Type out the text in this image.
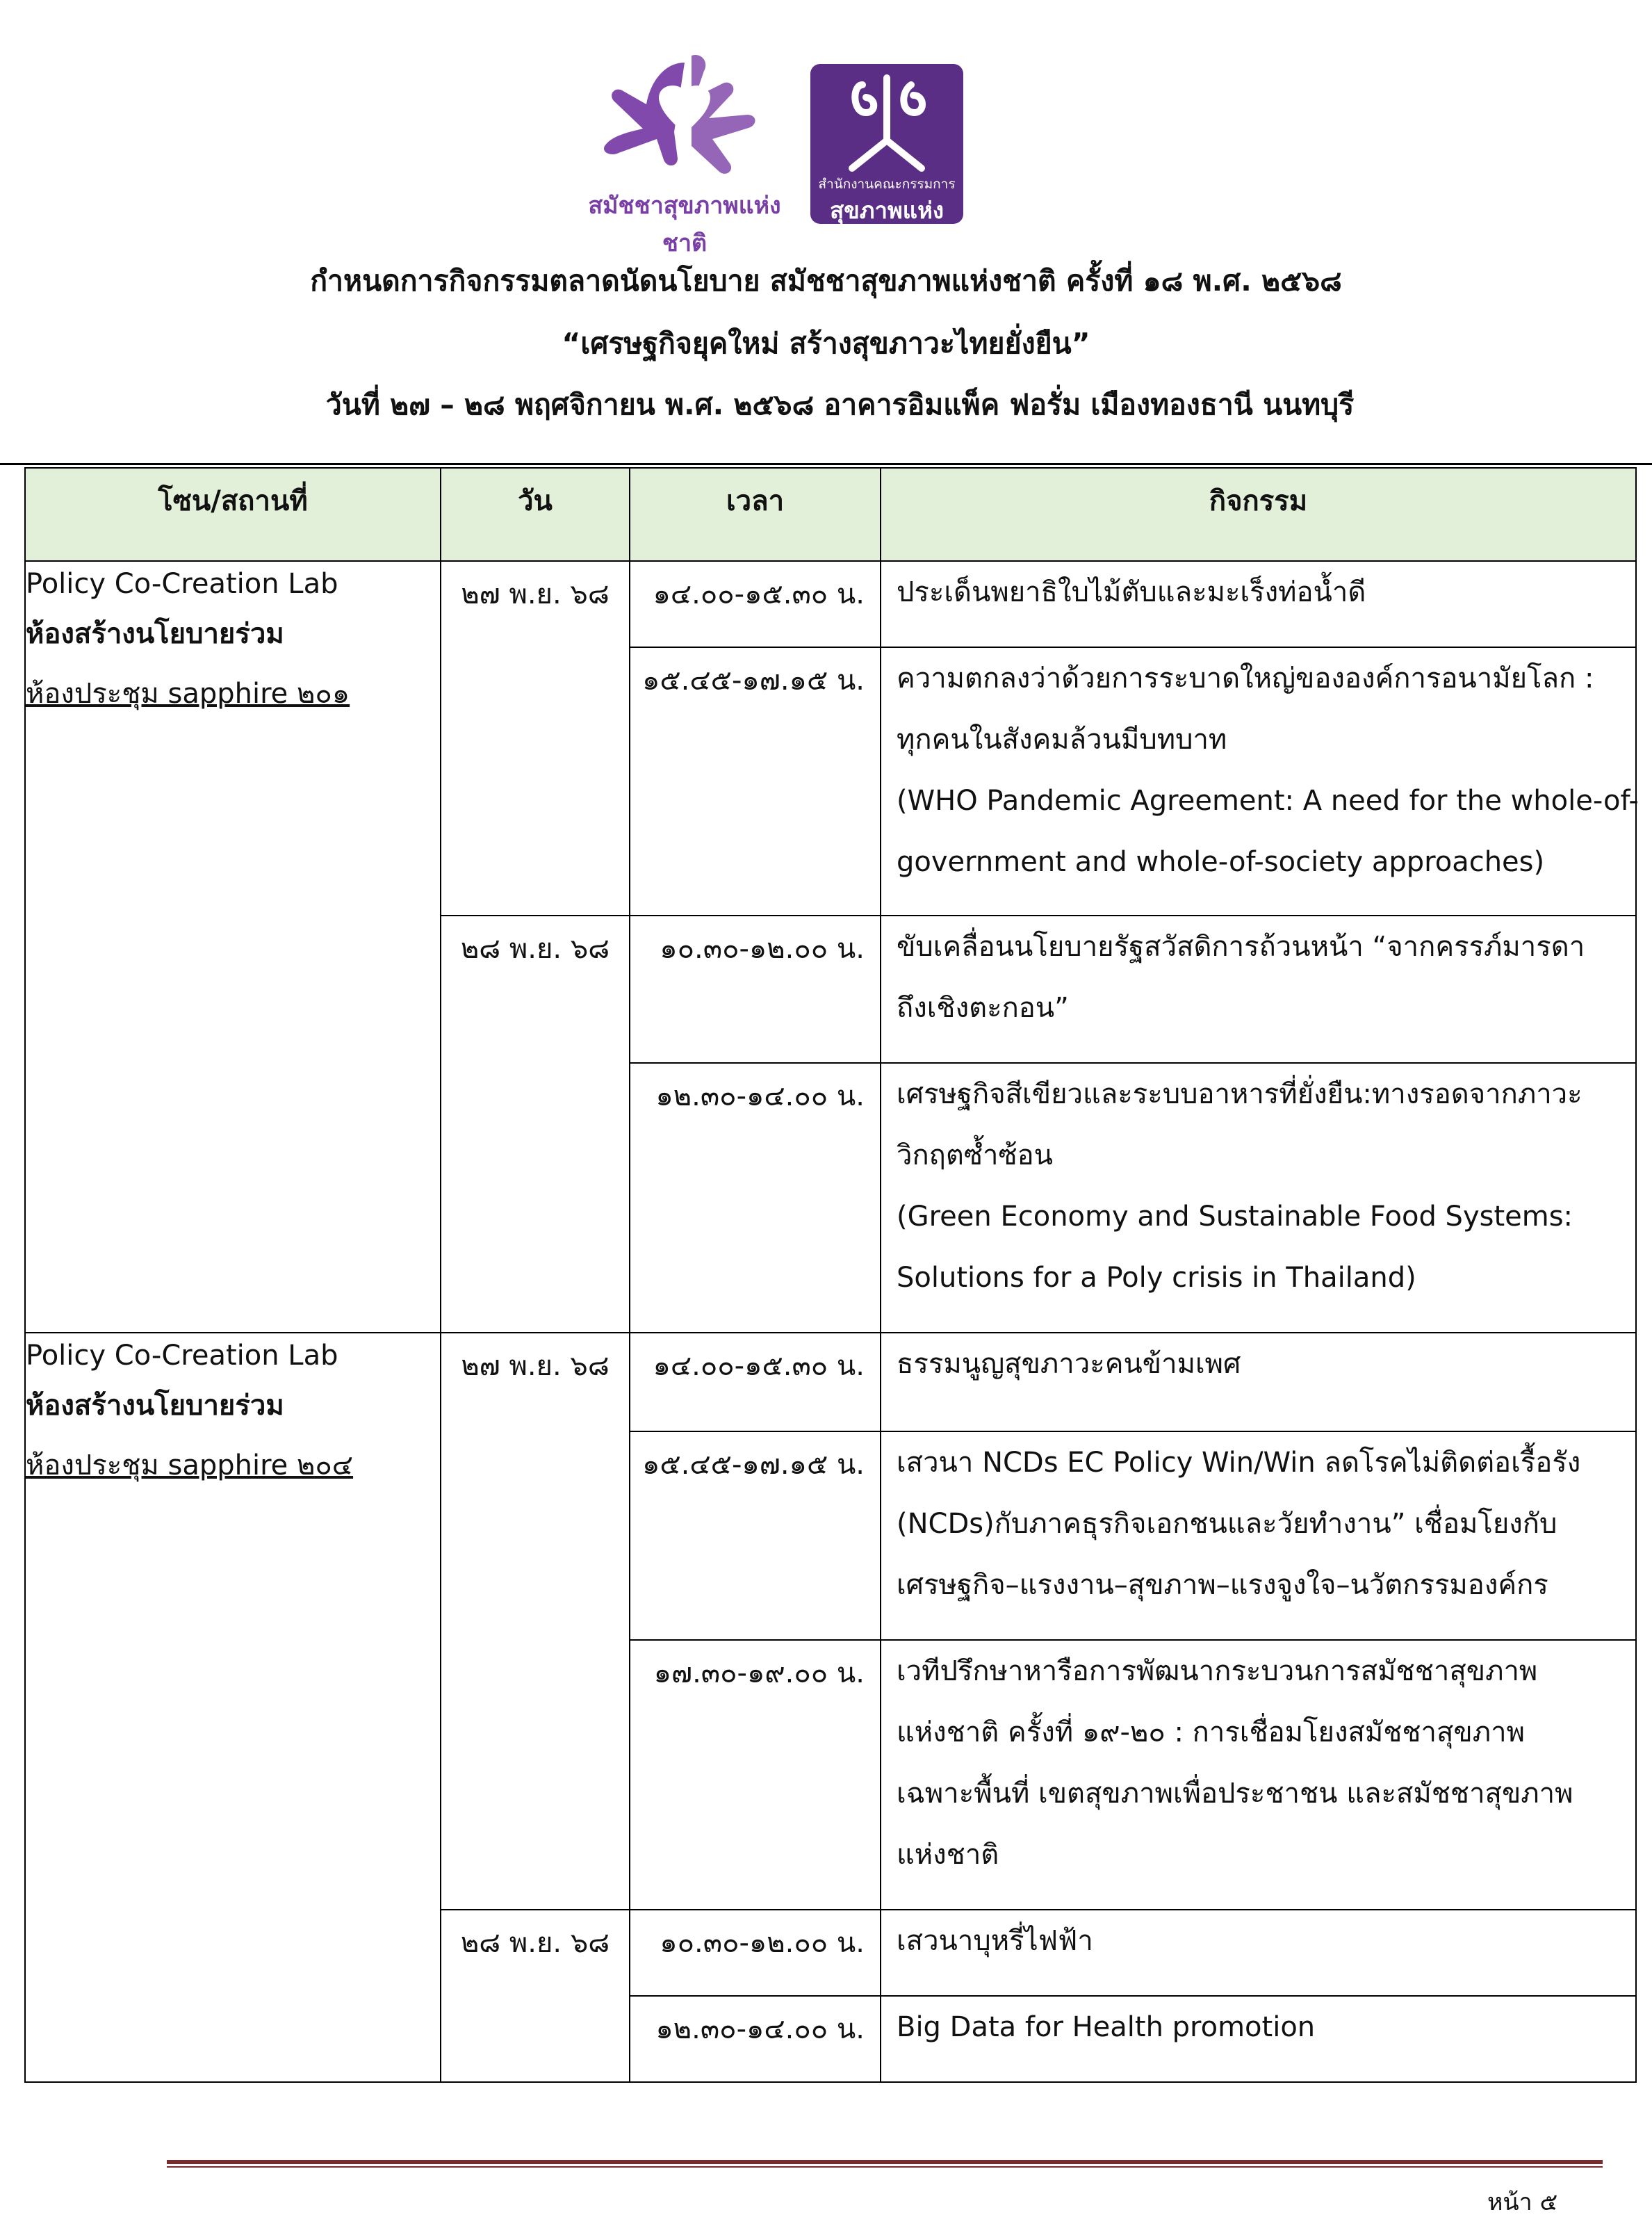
สมัชชาสุขภาพแห่งชาติ
สำนักงานคณะกรรมการ
สุขภาพแห่งชาติ
กำหนดการกิจกรรมตลาดนัดนโยบาย สมัชชาสุขภาพแห่งชาติ ครั้งที่ ๑๘ พ.ศ. ๒๕๖๘
“เศรษฐกิจยุคใหม่ สร้างสุขภาวะไทยยั่งยืน”
วันที่ ๒๗ – ๒๘ พฤศจิกายน พ.ศ. ๒๕๖๘ อาคารอิมแพ็ค ฟอรั่ม เมืองทองธานี นนทบุรี
โซน/สถานที่	วัน	เวลา	กิจกรรม

Policy Co-Creation Lab
ห้องสร้างนโยบายร่วม
ห้องประชุม sapphire ๒๐๑	๒๗ พ.ย. ๖๘	๑๔.๐๐-๑๕.๓๐ น.	ประเด็นพยาธิใบไม้ตับและมะเร็งท่อน้ำดี

		๑๕.๔๕-๑๗.๑๕ น.	ความตกลงว่าด้วยการระบาดใหญ่ขององค์การอนามัยโลก :
ทุกคนในสังคมล้วนมีบทบาท
(WHO Pandemic Agreement: A need for the whole-of-
government and whole-of-society approaches)

	๒๘ พ.ย. ๖๘	๑๐.๓๐-๑๒.๐๐ น.	ขับเคลื่อนนโยบายรัฐสวัสดิการถ้วนหน้า “จากครรภ์มารดา
ถึงเชิงตะกอน”

		๑๒.๓๐-๑๔.๐๐ น.	เศรษฐกิจสีเขียวและระบบอาหารที่ยั่งยืน:ทางรอดจากภาวะ
วิกฤตซ้ำซ้อน
(Green Economy and Sustainable Food Systems:
Solutions for a Poly crisis in Thailand)

Policy Co-Creation Lab
ห้องสร้างนโยบายร่วม
ห้องประชุม sapphire ๒๐๔	๒๗ พ.ย. ๖๘	๑๔.๐๐-๑๕.๓๐ น.	ธรรมนูญสุขภาวะคนข้ามเพศ

		๑๕.๔๕-๑๗.๑๕ น.	เสวนา NCDs EC Policy Win/Win ลดโรคไม่ติดต่อเรื้อรัง
(NCDs)กับภาคธุรกิจเอกชนและวัยทำงาน” เชื่อมโยงกับ
เศรษฐกิจ–แรงงาน–สุขภาพ–แรงจูงใจ–นวัตกรรมองค์กร

		๑๗.๓๐-๑๙.๐๐ น.	เวทีปรึกษาหารือการพัฒนากระบวนการสมัชชาสุขภาพ
แห่งชาติ ครั้งที่ ๑๙-๒๐ : การเชื่อมโยงสมัชชาสุขภาพ
เฉพาะพื้นที่ เขตสุขภาพเพื่อประชาชน และสมัชชาสุขภาพ
แห่งชาติ

	๒๘ พ.ย. ๖๘	๑๐.๓๐-๑๒.๐๐ น.	เสวนาบุหรี่ไฟฟ้า

		๑๒.๓๐-๑๔.๐๐ น.	Big Data for Health promotion
หน้า ๕
